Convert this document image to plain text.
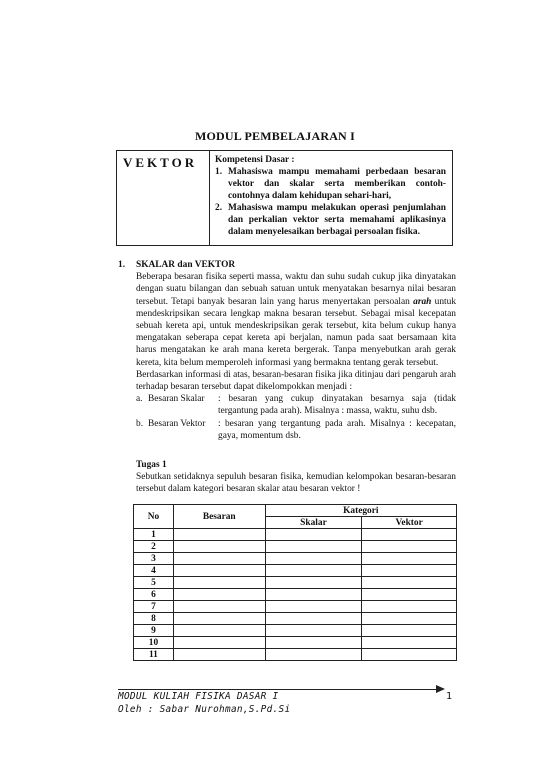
MODUL PEMBELAJARAN I
VEKTOR	Kompetensi Dasar :
1. Mahasiswa mampu memahami perbedaan besaran vektor dan skalar serta memberikan contoh-contohnya dalam kehidupan sehari-hari,
2. Mahasiswa mampu melakukan operasi penjumlahan dan perkalian vektor serta memahami aplikasinya dalam menyelesaikan berbagai persoalan fisika.
1.	SKALAR dan VEKTOR

Beberapa besaran fisika seperti massa, waktu dan suhu sudah cukup jika dinyatakan dengan suatu bilangan dan sebuah satuan untuk menyatakan besarnya nilai besaran tersebut. Tetapi banyak besaran lain yang harus menyertakan persoalan arah untuk mendeskripsikan secara lengkap makna besaran tersebut. Sebagai misal kecepatan sebuah kereta api, untuk mendeskripsikan gerak tersebut, kita belum cukup hanya mengatakan seberapa cepat kereta api berjalan, namun pada saat bersamaan kita harus mengatakan ke arah mana kereta bergerak. Tanpa menyebutkan arah gerak kereta, kita belum memperoleh informasi yang bermakna tentang gerak tersebut.

Berdasarkan informasi di atas, besaran-besaran fisika jika ditinjau dari pengaruh arah terhadap besaran tersebut dapat dikelompokkan menjadi :

a. Besaran Skalar	: besaran yang cukup dinyatakan besarnya saja (tidak tergantung pada arah). Misalnya : massa, waktu, suhu dsb.
b. Besaran Vektor	: besaran yang tergantung pada arah. Misalnya : kecepatan, gaya, momentum dsb.
Tugas 1
Sebutkan setidaknya sepuluh besaran fisika, kemudian kelompokan besaran-besaran tersebut dalam kategori besaran skalar atau besaran vektor !
No	Besaran	Kategori	
		Skalar	Vektor
1			
2			
3			
4			
5			
6			
7			
8			
9			
10			
11			
MODUL KULIAH FISIKA DASAR I	1
Oleh : Sabar Nurohman,S.Pd.Si
